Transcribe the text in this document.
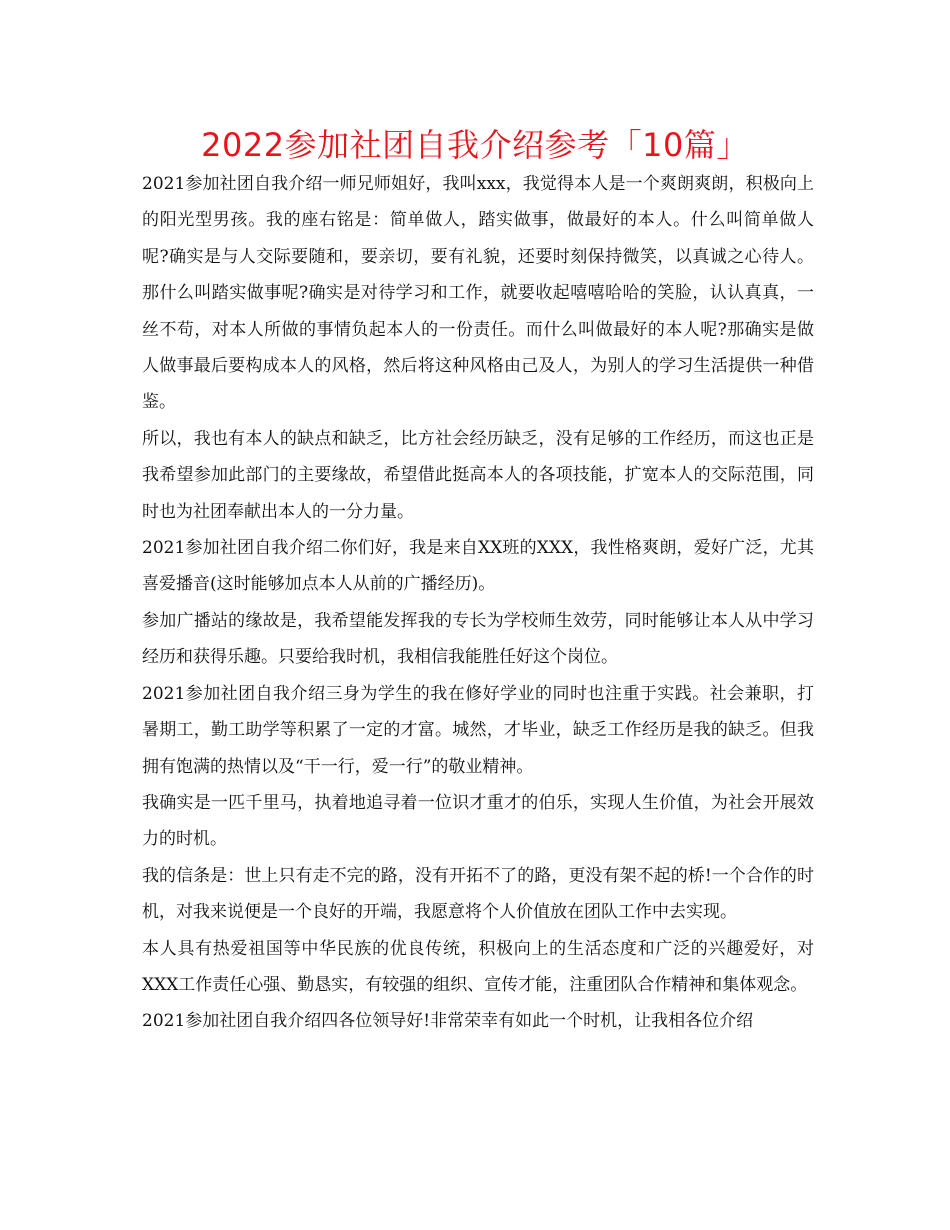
2022参加社团自我介绍参考「10篇」

2021参加社团自我介绍一师兄师姐好，我叫xxx，我觉得本人是一个爽朗爽朗，积极向上的阳光型男孩。我的座右铭是：简单做人，踏实做事，做最好的本人。什么叫简单做人呢?确实是与人交际要随和，要亲切，要有礼貌，还要时刻保持微笑，以真诚之心待人。那什么叫踏实做事呢?确实是对待学习和工作，就要收起嘻嘻哈哈的笑脸，认认真真，一丝不苟，对本人所做的事情负起本人的一份责任。而什么叫做最好的本人呢?那确实是做人做事最后要构成本人的风格，然后将这种风格由己及人，为别人的学习生活提供一种借鉴。

所以，我也有本人的缺点和缺乏，比方社会经历缺乏，没有足够的工作经历，而这也正是我希望参加此部门的主要缘故，希望借此挺高本人的各项技能，扩宽本人的交际范围，同时也为社团奉献出本人的一分力量。

2021参加社团自我介绍二你们好，我是来自XX班的XXX，我性格爽朗，爱好广泛，尤其喜爱播音(这时能够加点本人从前的广播经历)。

参加广播站的缘故是，我希望能发挥我的专长为学校师生效劳，同时能够让本人从中学习经历和获得乐趣。只要给我时机，我相信我能胜任好这个岗位。

2021参加社团自我介绍三身为学生的我在修好学业的同时也注重于实践。社会兼职，打暑期工，勤工助学等积累了一定的才富。城然，才毕业，缺乏工作经历是我的缺乏。但我拥有饱满的热情以及“干一行，爱一行”的敬业精神。

我确实是一匹千里马，执着地追寻着一位识才重才的伯乐，实现人生价值，为社会开展效力的时机。

我的信条是：世上只有走不完的路，没有开拓不了的路，更没有架不起的桥!一个合作的时机，对我来说便是一个良好的开端，我愿意将个人价值放在团队工作中去实现。

本人具有热爱祖国等中华民族的优良传统，积极向上的生活态度和广泛的兴趣爱好，对XXX工作责任心强、勤恳实，有较强的组织、宣传才能，注重团队合作精神和集体观念。

2021参加社团自我介绍四各位领导好!非常荣幸有如此一个时机，让我相各位介绍
